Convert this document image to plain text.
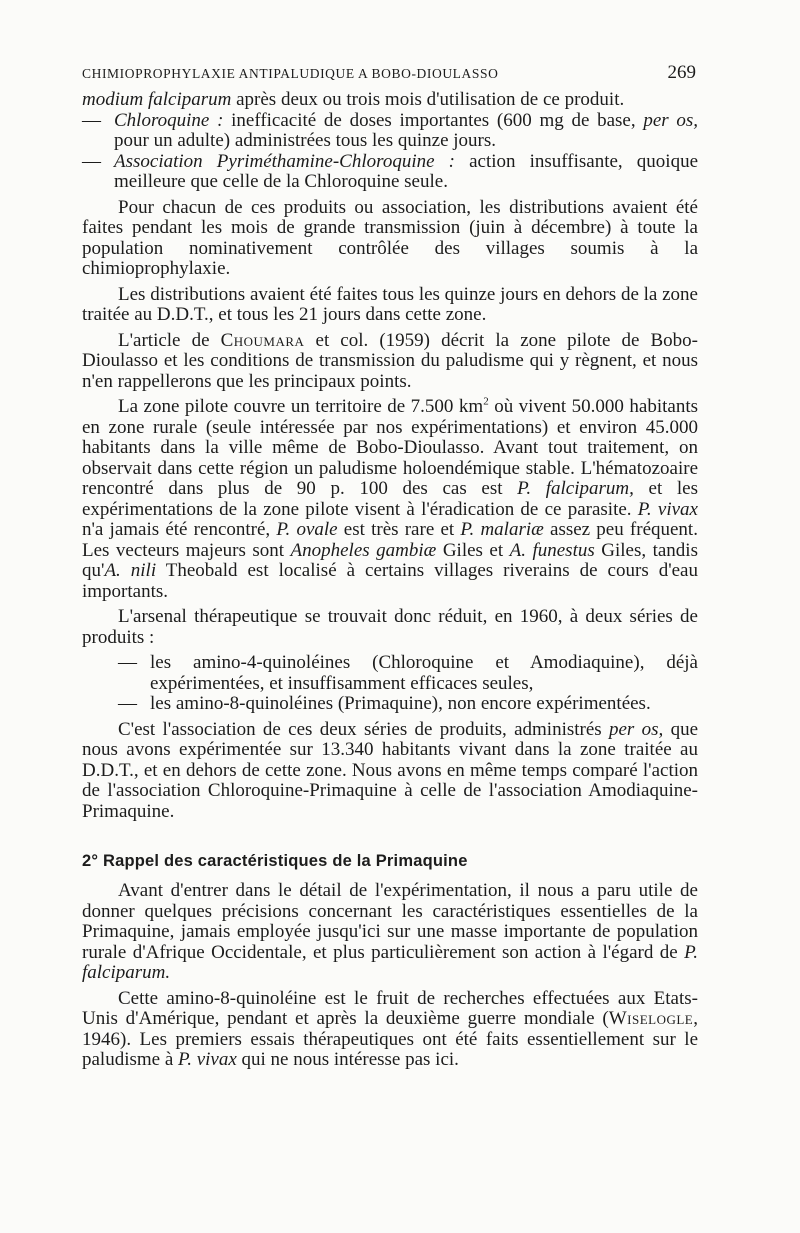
CHIMIOPROPHYLAXIE ANTIPALUDIQUE A BOBO-DIOULASSO	269

modium falciparum après deux ou trois mois d'utilisation de ce produit.

— Chloroquine : inefficacité de doses importantes (600 mg de base, per os, pour un adulte) administrées tous les quinze jours.
— Association Pyriméthamine-Chloroquine : action insuffisante, quoique meilleure que celle de la Chloroquine seule.

Pour chacun de ces produits ou association, les distributions avaient été faites pendant les mois de grande transmission (juin à décembre) à toute la population nominativement contrôlée des villages soumis à la chimioprophylaxie.

Les distributions avaient été faites tous les quinze jours en dehors de la zone traitée au D.D.T., et tous les 21 jours dans cette zone.

L'article de Choumara et col. (1959) décrit la zone pilote de Bobo-Dioulasso et les conditions de transmission du paludisme qui y règnent, et nous n'en rappellerons que les principaux points.

La zone pilote couvre un territoire de 7.500 $km^2$ où vivent 50.000 habitants en zone rurale (seule intéressée par nos expérimentations) et environ 45.000 habitants dans la ville même de Bobo-Dioulasso. Avant tout traitement, on observait dans cette région un paludisme holoendémique stable. L'hématozoaire rencontré dans plus de 90 p. 100 des cas est P. falciparum, et les expérimentations de la zone pilote visent à l'éradication de ce parasite. P. vivax n'a jamais été rencontré, P. ovale est très rare et P. malariæ assez peu fréquent. Les vecteurs majeurs sont Anopheles gambiæ Giles et A. funestus Giles, tandis qu'A. nili Theobald est localisé à certains villages riverains de cours d'eau importants.

L'arsenal thérapeutique se trouvait donc réduit, en 1960, à deux séries de produits :

— les amino-4-quinoléines (Chloroquine et Amodiaquine), déjà expérimentées, et insuffisamment efficaces seules,
— les amino-8-quinoléines (Primaquine), non encore expérimentées.

C'est l'association de ces deux séries de produits, administrés per os, que nous avons expérimentée sur 13.340 habitants vivant dans la zone traitée au D.D.T., et en dehors de cette zone. Nous avons en même temps comparé l'action de l'association Chloroquine-Primaquine à celle de l'association Amodiaquine-Primaquine.

2° Rappel des caractéristiques de la Primaquine

Avant d'entrer dans le détail de l'expérimentation, il nous a paru utile de donner quelques précisions concernant les caractéristiques essentielles de la Primaquine, jamais employée jusqu'ici sur une masse importante de population rurale d'Afrique Occidentale, et plus particulièrement son action à l'égard de P. falciparum.

Cette amino-8-quinoléine est le fruit de recherches effectuées aux Etats-Unis d'Amérique, pendant et après la deuxième guerre mondiale (Wiselogle, 1946). Les premiers essais thérapeutiques ont été faits essentiellement sur le paludisme à P. vivax qui ne nous intéresse pas ici.
